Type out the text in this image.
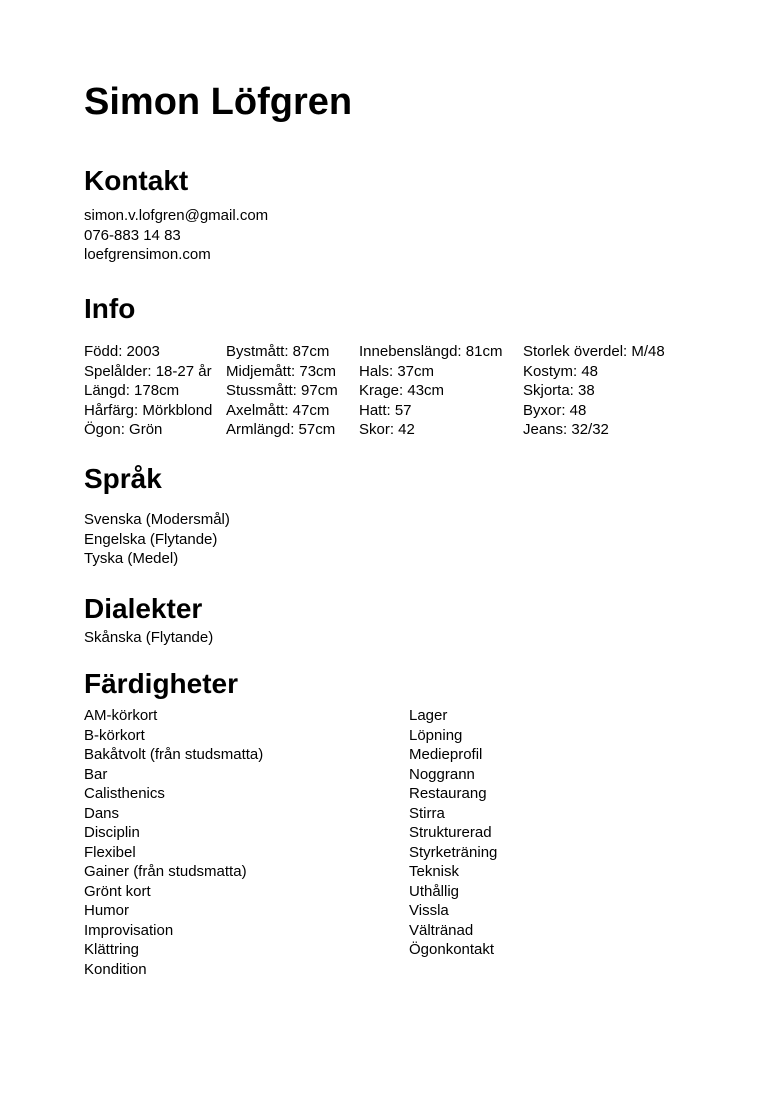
Simon Löfgren
Kontakt
simon.v.lofgren@gmail.com
076-883 14 83
loefgrensimon.com
Info
Född: 2003
Spelålder: 18-27 år
Längd: 178cm
Hårfärg: Mörkblond
Ögon: Grön
Bystmått: 87cm
Midjemått: 73cm
Stussmått: 97cm
Axelmått: 47cm
Armlängd: 57cm
Innebenslängd: 81cm
Hals: 37cm
Krage: 43cm
Hatt: 57
Skor: 42
Storlek överdel: M/48
Kostym: 48
Skjorta: 38
Byxor: 48
Jeans: 32/32
Språk
Svenska (Modersmål)
Engelska (Flytande)
Tyska (Medel)
Dialekter
Skånska (Flytande)
Färdigheter
AM-körkort
B-körkort
Bakåtvolt (från studsmatta)
Bar
Calisthenics
Dans
Disciplin
Flexibel
Gainer (från studsmatta)
Grönt kort
Humor
Improvisation
Klättring
Kondition
Lager
Löpning
Medieprofil
Noggrann
Restaurang
Stirra
Strukturerad
Styrketräning
Teknisk
Uthållig
Vissla
Vältränad
Ögonkontakt
